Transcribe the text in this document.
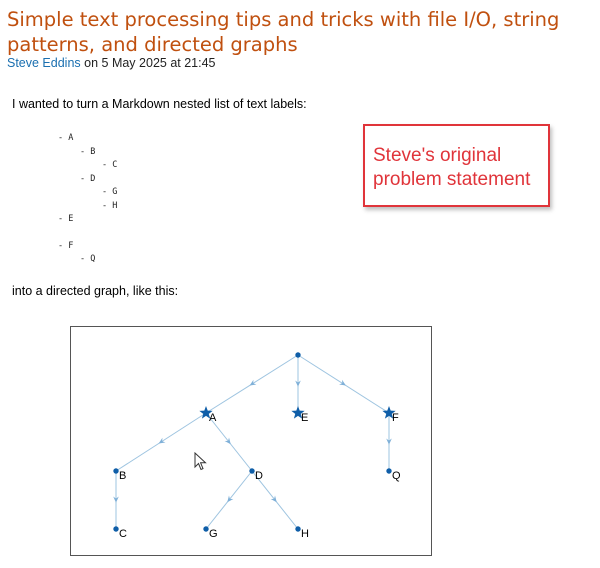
Simple text processing tips and tricks with file I/O, string patterns, and directed graphs
Steve Eddins on 5 May 2025 at 21:45
I wanted to turn a Markdown nested list of text labels:
- A
- B
- C
- D
- G
- H
- E
- F
- Q
Steve's original
problem statement
into a directed graph, like this:
A	E	F
B	D	Q
C	G	H
